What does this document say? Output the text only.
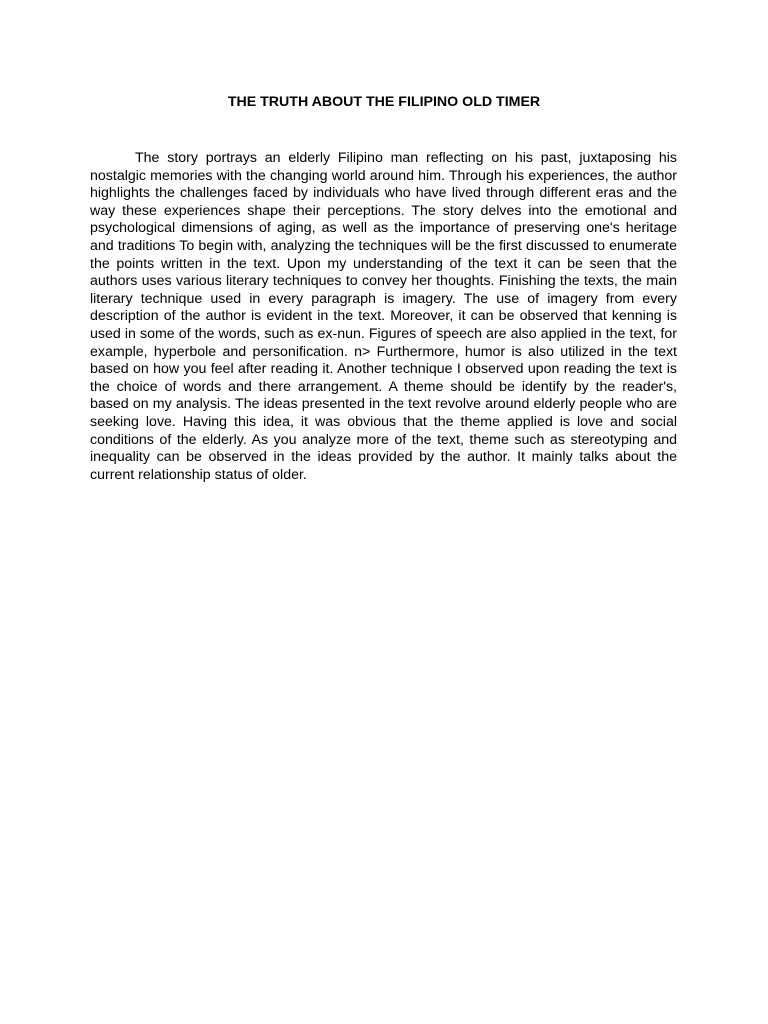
THE TRUTH ABOUT THE FILIPINO OLD TIMER

The story portrays an elderly Filipino man reflecting on his past, juxtaposing his nostalgic memories with the changing world around him. Through his experiences, the author highlights the challenges faced by individuals who have lived through different eras and the way these experiences shape their perceptions. The story delves into the emotional and psychological dimensions of aging, as well as the importance of preserving one's heritage and traditions To begin with, analyzing the techniques will be the first discussed to enumerate the points written in the text. Upon my understanding of the text it can be seen that the authors uses various literary techniques to convey her thoughts. Finishing the texts, the main literary technique used in every paragraph is imagery. The use of imagery from every description of the author is evident in the text. Moreover, it can be observed that kenning is used in some of the words, such as ex-nun. Figures of speech are also applied in the text, for example, hyperbole and personification. n> Furthermore, humor is also utilized in the text based on how you feel after reading it. Another technique I observed upon reading the text is the choice of words and there arrangement. A theme should be identify by the reader's, based on my analysis. The ideas presented in the text revolve around elderly people who are seeking love. Having this idea, it was obvious that the theme applied is love and social conditions of the elderly. As you analyze more of the text, theme such as stereotyping and inequality can be observed in the ideas provided by the author. It mainly talks about the current relationship status of older.
